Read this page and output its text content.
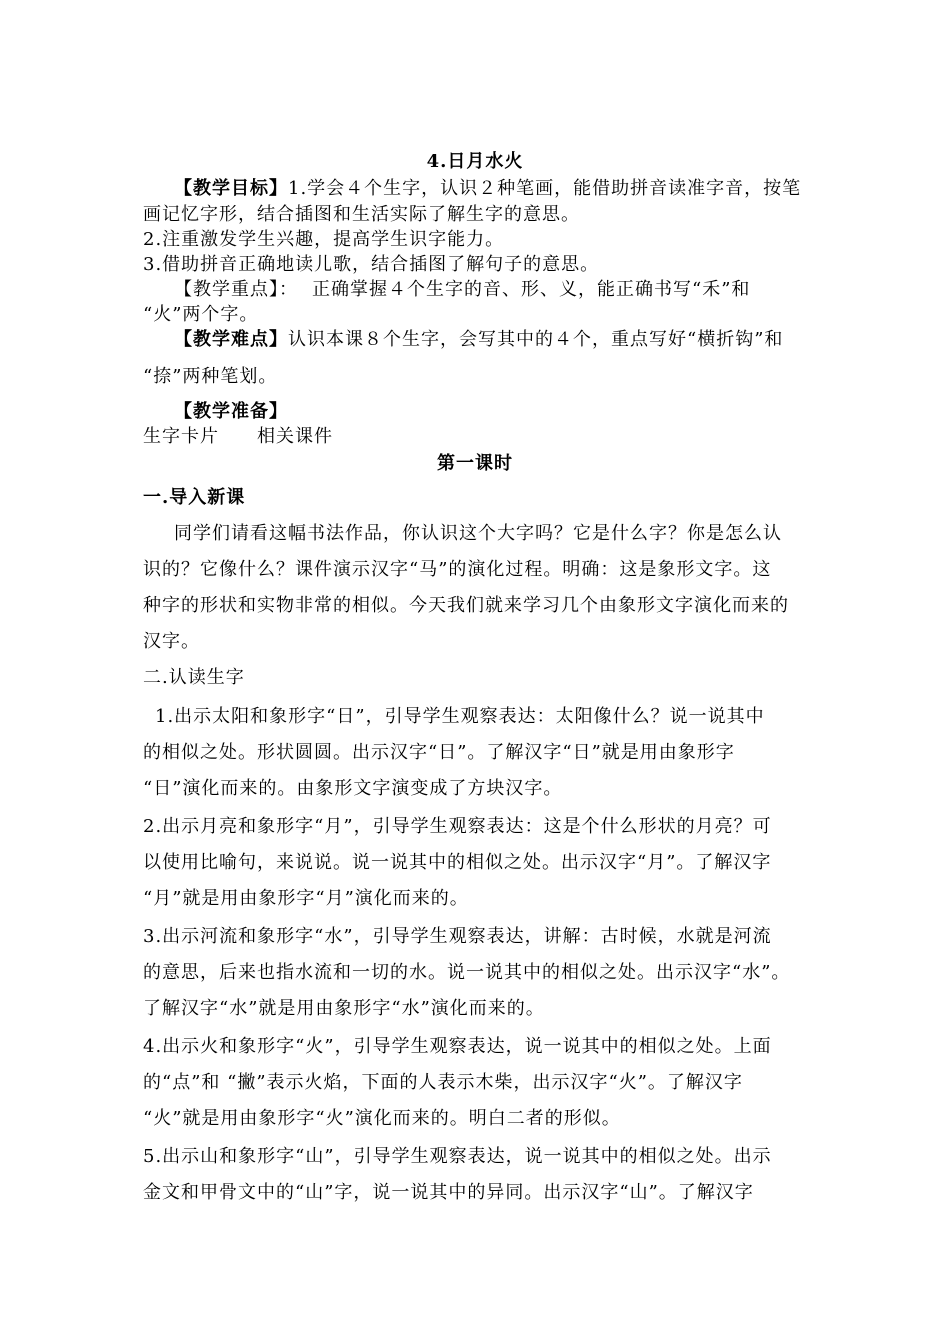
4.日月水火
【教学目标】1.学会４个生字，认识２种笔画，能借助拼音读准字音，按笔
画记忆字形，结合插图和生活实际了解生字的意思。
2.注重激发学生兴趣，提高学生识字能力。
3.借助拼音正确地读儿歌，结合插图了解句子的意思。
【教学重点】： 正确掌握４个生字的音、形、义，能正确书写“禾”和
“火”两个字。
【教学难点】认识本课８个生字，会写其中的４个，重点写好“横折钩”和
“捺”两种笔划。
【教学准备】
生字卡片　　相关课件
第一课时
一.导入新课
同学们请看这幅书法作品，你认识这个大字吗？它是什么字？你是怎么认
识的？它像什么？课件演示汉字“马”的演化过程。明确：这是象形文字。这
种字的形状和实物非常的相似。今天我们就来学习几个由象形文字演化而来的
汉字。
二.认读生字
1.出示太阳和象形字“日”，引导学生观察表达：太阳像什么？说一说其中
的相似之处。形状圆圆。出示汉字“日”。了解汉字“日”就是用由象形字
“日”演化而来的。由象形文字演变成了方块汉字。
2.出示月亮和象形字“月”，引导学生观察表达：这是个什么形状的月亮？可
以使用比喻句，来说说。说一说其中的相似之处。出示汉字“月”。了解汉字
“月”就是用由象形字“月”演化而来的。
3.出示河流和象形字“水”，引导学生观察表达，讲解：古时候，水就是河流
的意思，后来也指水流和一切的水。说一说其中的相似之处。出示汉字“水”。
了解汉字“水”就是用由象形字“水”演化而来的。
4.出示火和象形字“火”，引导学生观察表达，说一说其中的相似之处。上面
的“点”和 “撇”表示火焰，下面的人表示木柴，出示汉字“火”。了解汉字
“火”就是用由象形字“火”演化而来的。明白二者的形似。
5.出示山和象形字“山”，引导学生观察表达，说一说其中的相似之处。出示
金文和甲骨文中的“山”字，说一说其中的异同。出示汉字“山”。了解汉字
